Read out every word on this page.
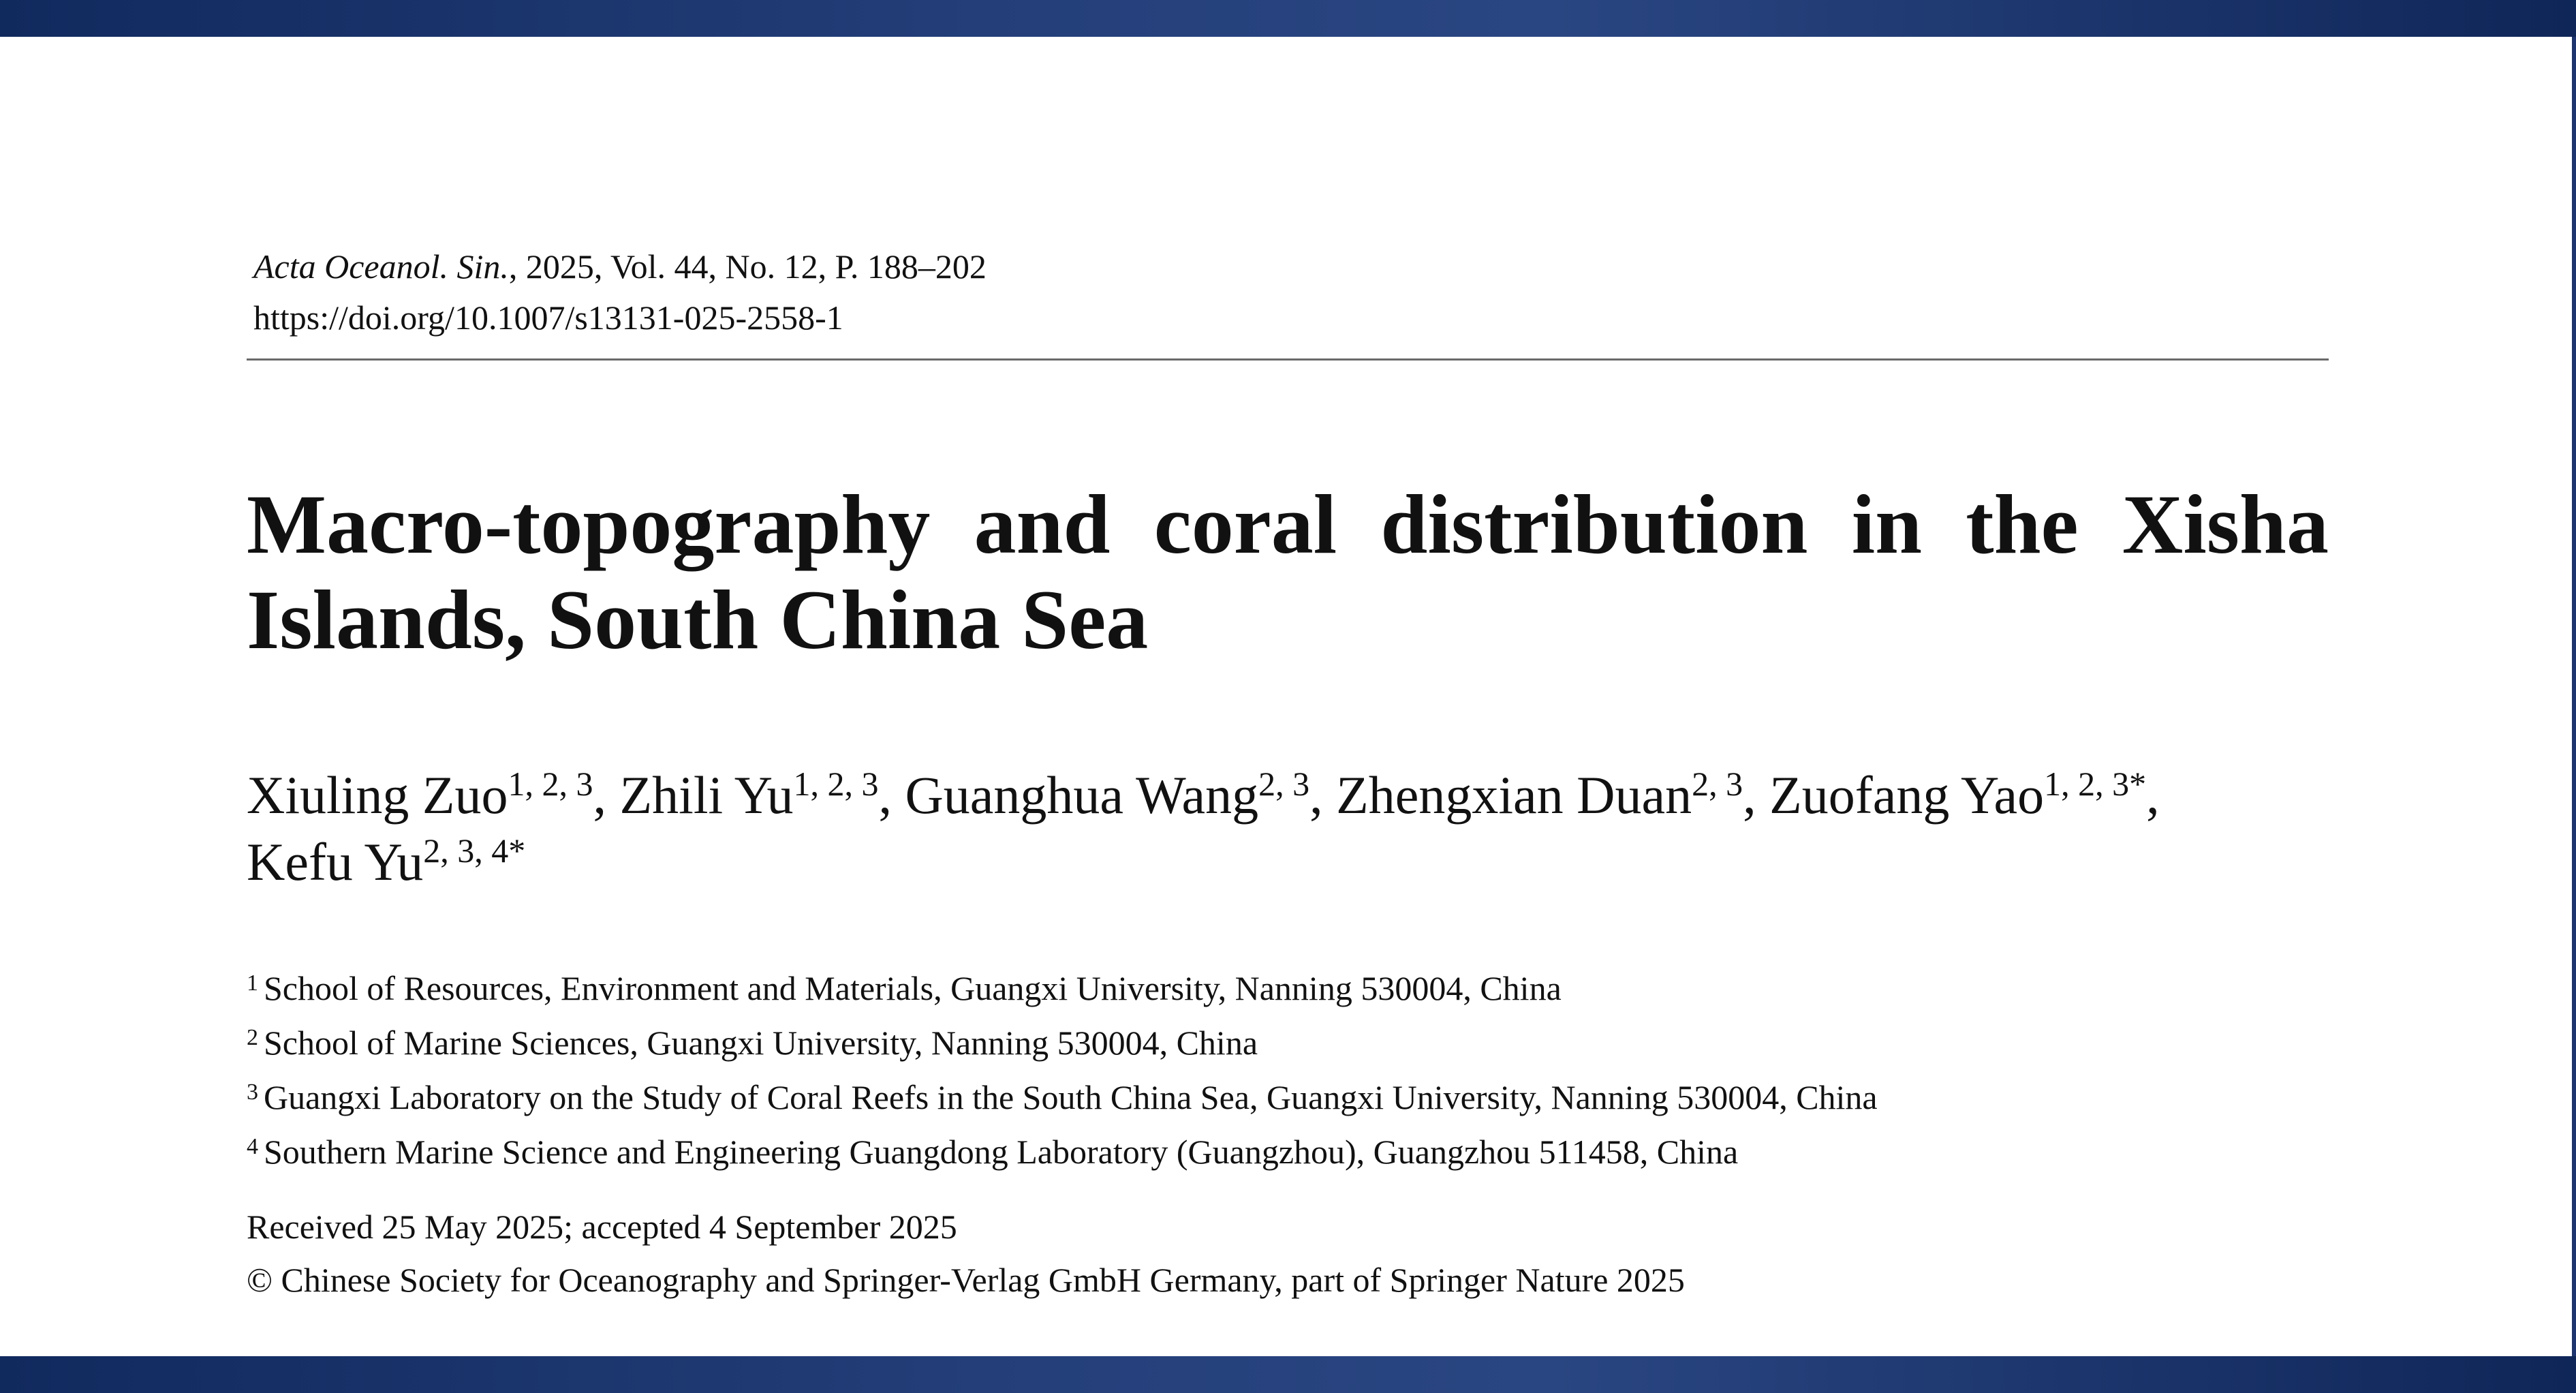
Acta Oceanol. Sin., 2025, Vol. 44, No. 12, P. 188–202
https://doi.org/10.1007/s13131-025-2558-1
Macro-topography and coral distribution in the Xisha Islands, South China Sea

Xiuling Zuo$^{1, 2, 3}$, Zhili Yu$^{1, 2, 3}$, Guanghua Wang$^{2, 3}$, Zhengxian Duan$^{2, 3}$, Zuofang Yao$^{1, 2, 3*}$,
Kefu $Yu^{2, 3, 4*}$

$^1$ School of Resources, Environment and Materials, Guangxi University, Nanning 530004, China
$^2$ School of Marine Sciences, Guangxi University, Nanning 530004, China
$^3$ Guangxi Laboratory on the Study of Coral Reefs in the South China Sea, Guangxi University, Nanning 530004, China
$^4$ Southern Marine Science and Engineering Guangdong Laboratory (Guangzhou), Guangzhou 511458, China
Received 25 May 2025; accepted 4 September 2025
© Chinese Society for Oceanography and Springer-Verlag GmbH Germany, part of Springer Nature 2025
